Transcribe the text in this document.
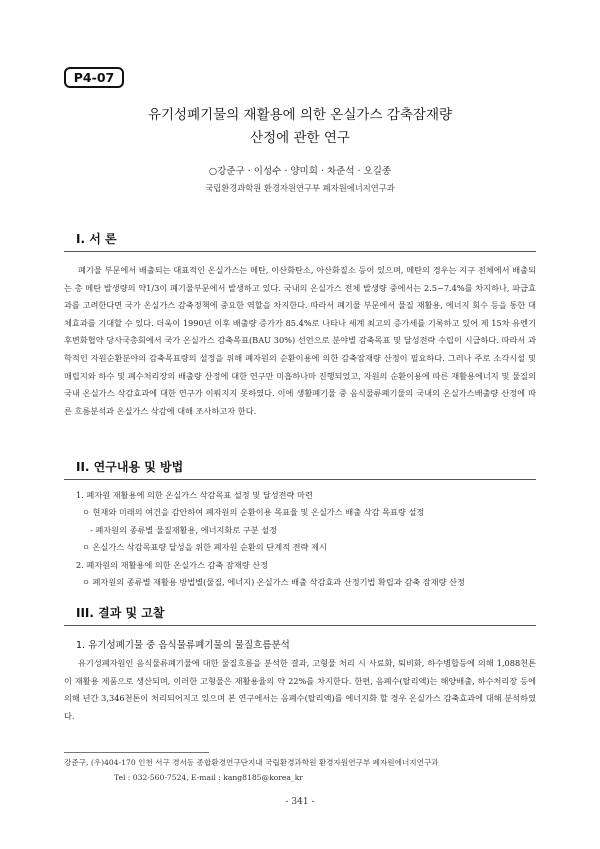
P4-07
유기성폐기물의 재활용에 의한 온실가스 감축잠재량
산정에 관한 연구
○강준구 · 이성수 · 양미희 · 차준석 · 오길종
국립환경과학원 환경자원연구부 폐자원에너지연구과
I. 서 론

폐기물 부문에서 배출되는 대표적인 온실가스는 메탄, 이산화탄소, 아산화질소 등이 있으며, 메탄의 경우는 지구 전체에서 배출되는 총 메탄 발생량의 약1/3이 폐기물부문에서 발생하고 있다. 국내의 온실가스 전체 발생량 중에서는 2.5~7.4%를 차지하나, 파급효과를 고려한다면 국가 온실가스 감축정책에 중요한 역할을 차지한다. 따라서 폐기물 부문에서 물질 재활용, 에너지 회수 등을 통한 대체효과를 기대할 수 있다. 더욱이 1990년 이후 배출량 증가가 85.4%로 나타나 세계 최고의 증가세를 기록하고 있어 제 15차 유엔기후변화협약 당사국총회에서 국가 온실가스 감축목표(BAU 30%) 선언으로 분야별 감축목표 및 달성전략 수립이 시급하다. 따라서 과학적인 자원순환분야의 감축목표량의 설정을 위해 폐자원의 순환이용에 의한 감축잠재량 산정이 필요하다. 그러나 주로 소각시설 및 매립지와 하수 및 폐수처리장의 배출량 산정에 대한 연구만 미흡하나마 진행되었고, 자원의 순환이용에 따른 재활용에너지 및 물질의 국내 온실가스 삭감효과에 대한 연구가 이뤄지지 못하였다. 이에 생활폐기물 중 음식물류폐기물의 국내의 온실가스배출량 산정에 따른 흐름분석과 온실가스 삭감에 대해 조사하고자 한다.

II. 연구내용 및 방법
1. 폐자원 재활용에 의한 온실가스 삭감목표 설정 및 달성전략 마련
ㅇ 현재와 미래의 여건을 감안하여 폐자원의 순환이용 목표율 및 온실가스 배출 삭감 목표량 설정
- 폐자원의 종류별 물질재활용, 에너지화로 구분 설정
ㅇ 온실가스 삭감목표량 달성을 위한 폐자원 순환의 단계적 전략 제시
2. 폐자원의 재활용에 의한 온실가스 감축 잠재량 산정
ㅇ 폐자원의 종류별 재활용 방법별(물질, 에너지) 온실가스 배출 삭감효과 산정기법 확립과 감축 잠재량 산정
III. 결과 및 고찰
1. 유기성폐기물 중 음식물류폐기물의 물질흐름분석

유기성폐자원인 음식물류폐기물에 대한 물질흐름을 분석한 결과, 고형물 처리 시 사료화, 퇴비화, 하수병합등에 의해 1,088천톤이 재활용 제품으로 생산되며, 이러한 고형물은 재활용율의 약 22%를 차지한다. 한편, 음폐수(탈리액)는 해양배출, 하수처리장 등에 의해 년간 3,346천톤이 처리되어지고 있으며 본 연구에서는 음폐수(탈리액)를 에너지화 할 경우 온실가스 감축효과에 대해 분석하였다.

강준구, (우)404-170 인천 서구 경서동 종합환경연구단지내 국립환경과학원 환경자원연구부 폐자원에너지연구과
Tel : 032-560-7524, E-mail : kang8185@korea_kr
- 341 -
